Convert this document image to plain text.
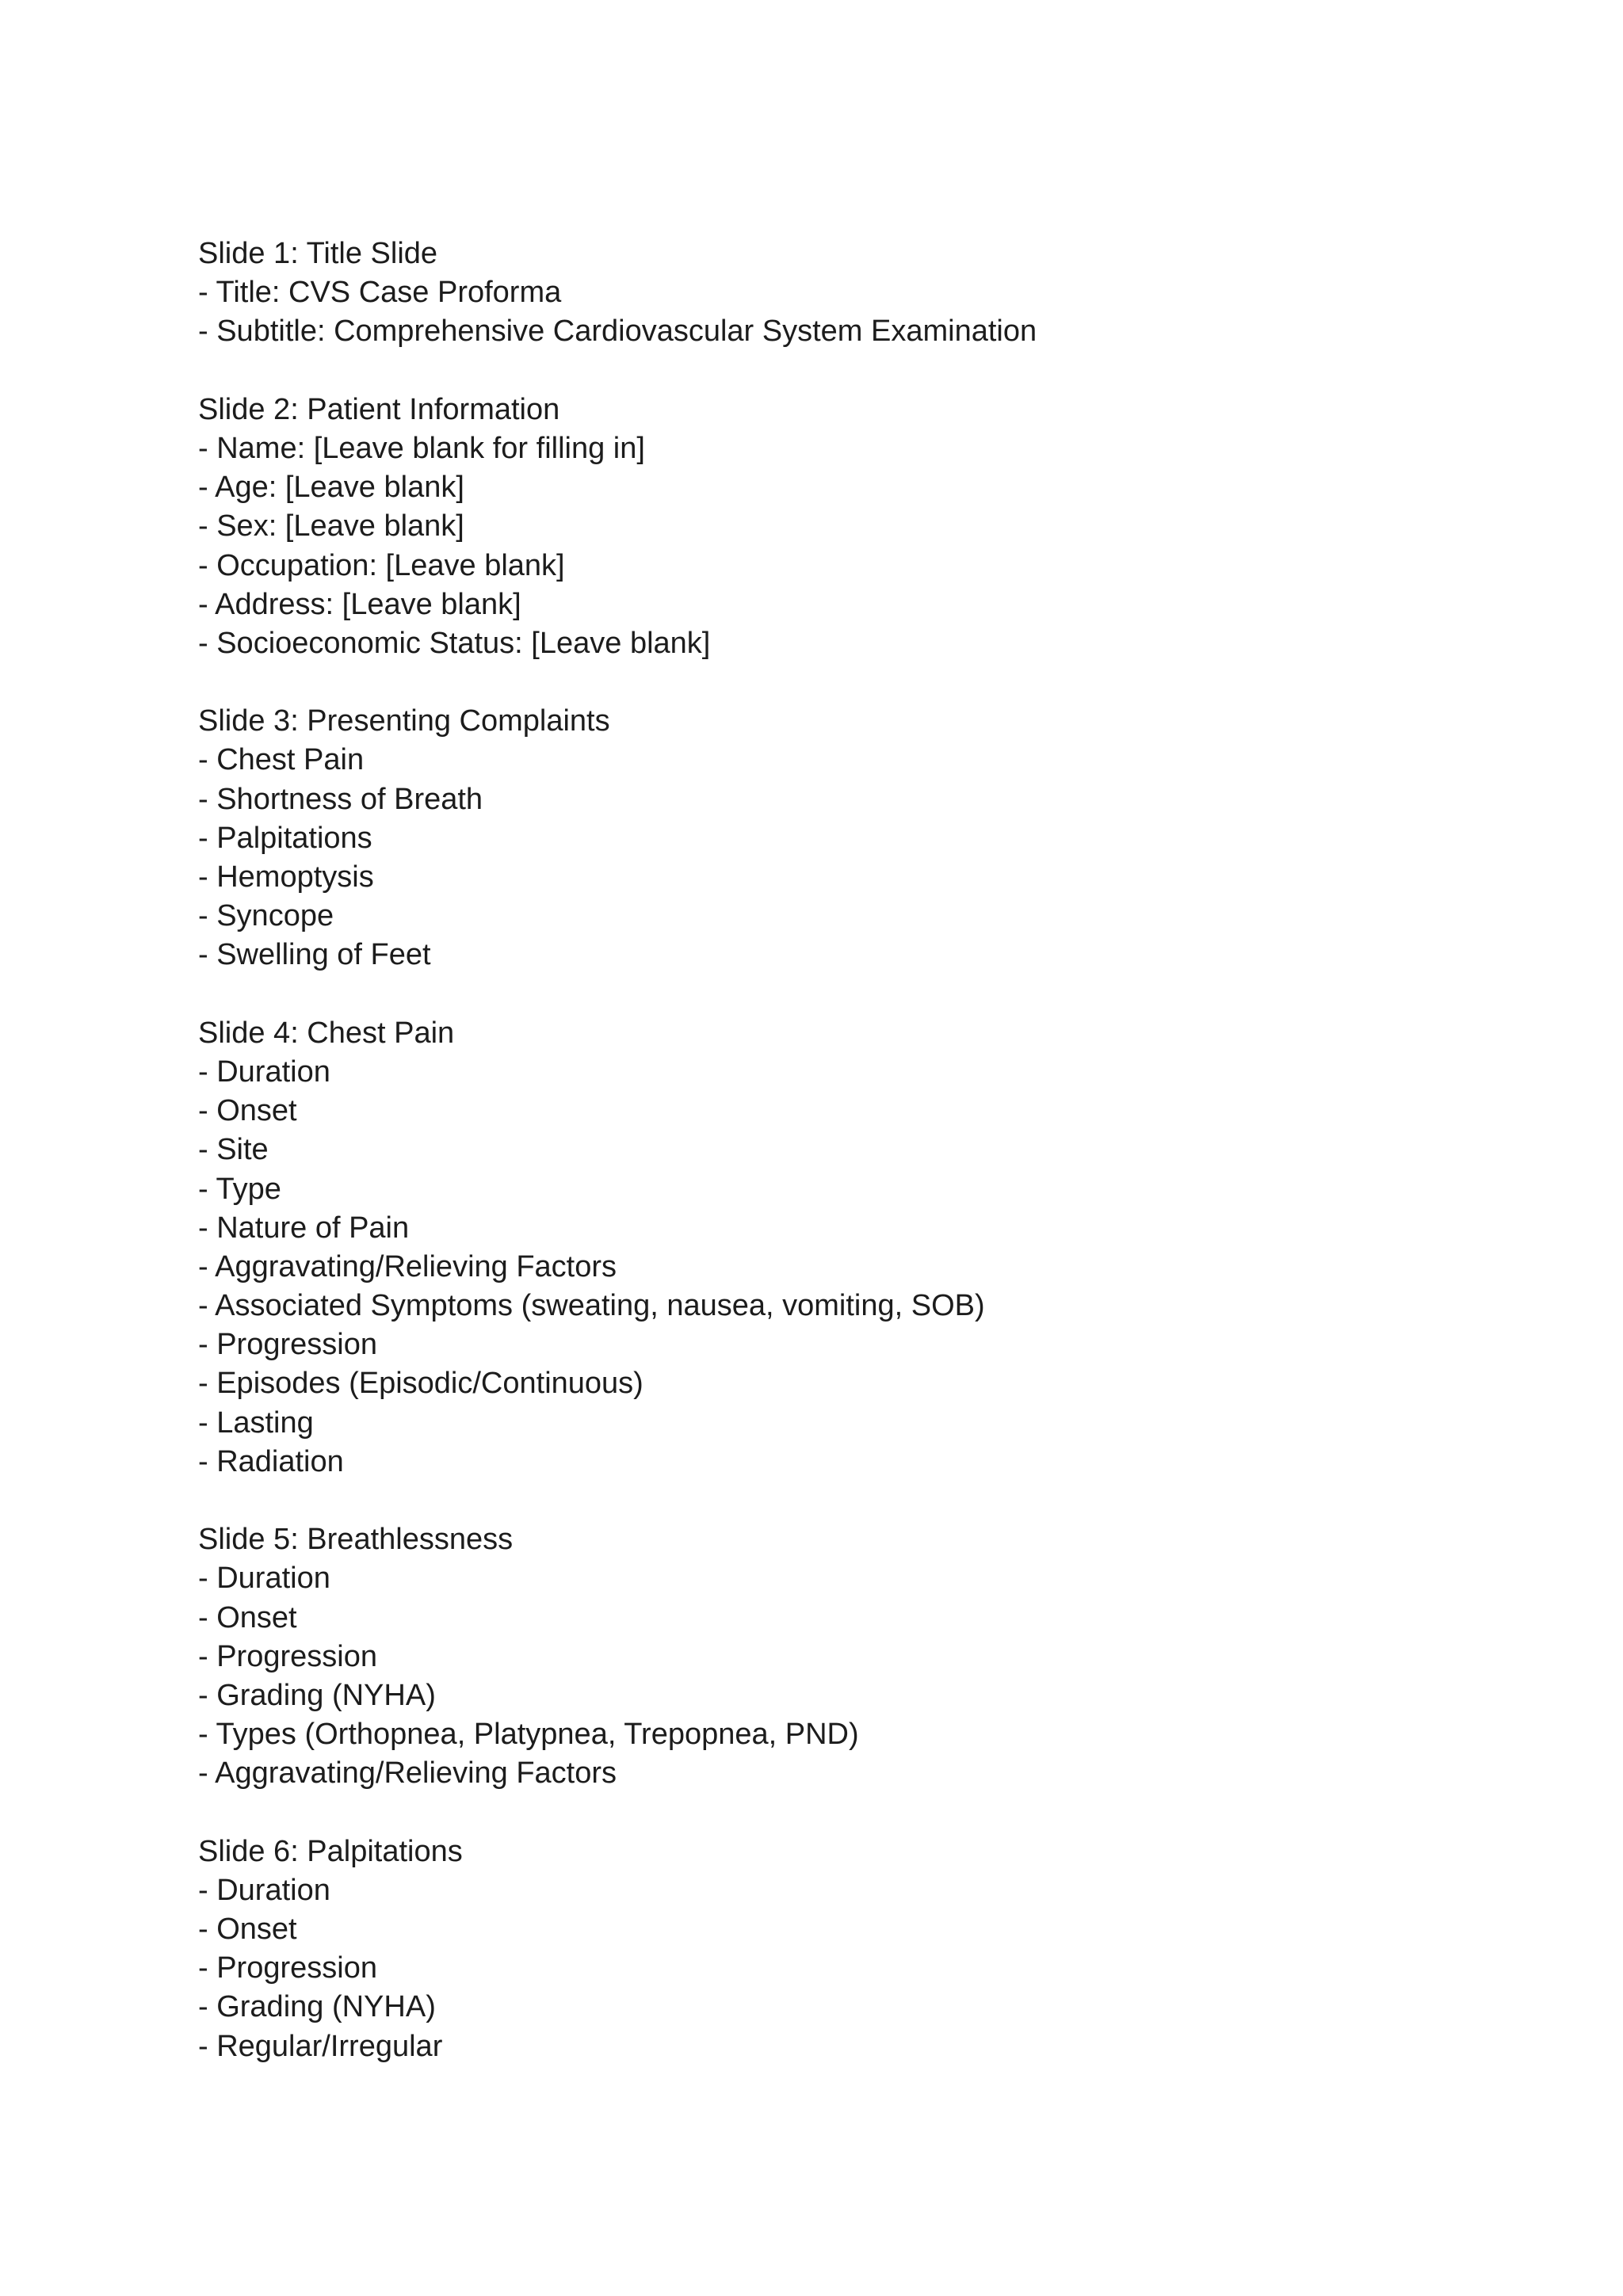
Slide 1: Title Slide
- Title: CVS Case Proforma
- Subtitle: Comprehensive Cardiovascular System Examination
Slide 2: Patient Information
- Name: [Leave blank for filling in]
- Age: [Leave blank]
- Sex: [Leave blank]
- Occupation: [Leave blank]
- Address: [Leave blank]
- Socioeconomic Status: [Leave blank]
Slide 3: Presenting Complaints
- Chest Pain
- Shortness of Breath
- Palpitations
- Hemoptysis
- Syncope
- Swelling of Feet
Slide 4: Chest Pain
- Duration
- Onset
- Site
- Type
- Nature of Pain
- Aggravating/Relieving Factors
- Associated Symptoms (sweating, nausea, vomiting, SOB)
- Progression
- Episodes (Episodic/Continuous)
- Lasting
- Radiation
Slide 5: Breathlessness
- Duration
- Onset
- Progression
- Grading (NYHA)
- Types (Orthopnea, Platypnea, Trepopnea, PND)
- Aggravating/Relieving Factors
Slide 6: Palpitations
- Duration
- Onset
- Progression
- Grading (NYHA)
- Regular/Irregular
